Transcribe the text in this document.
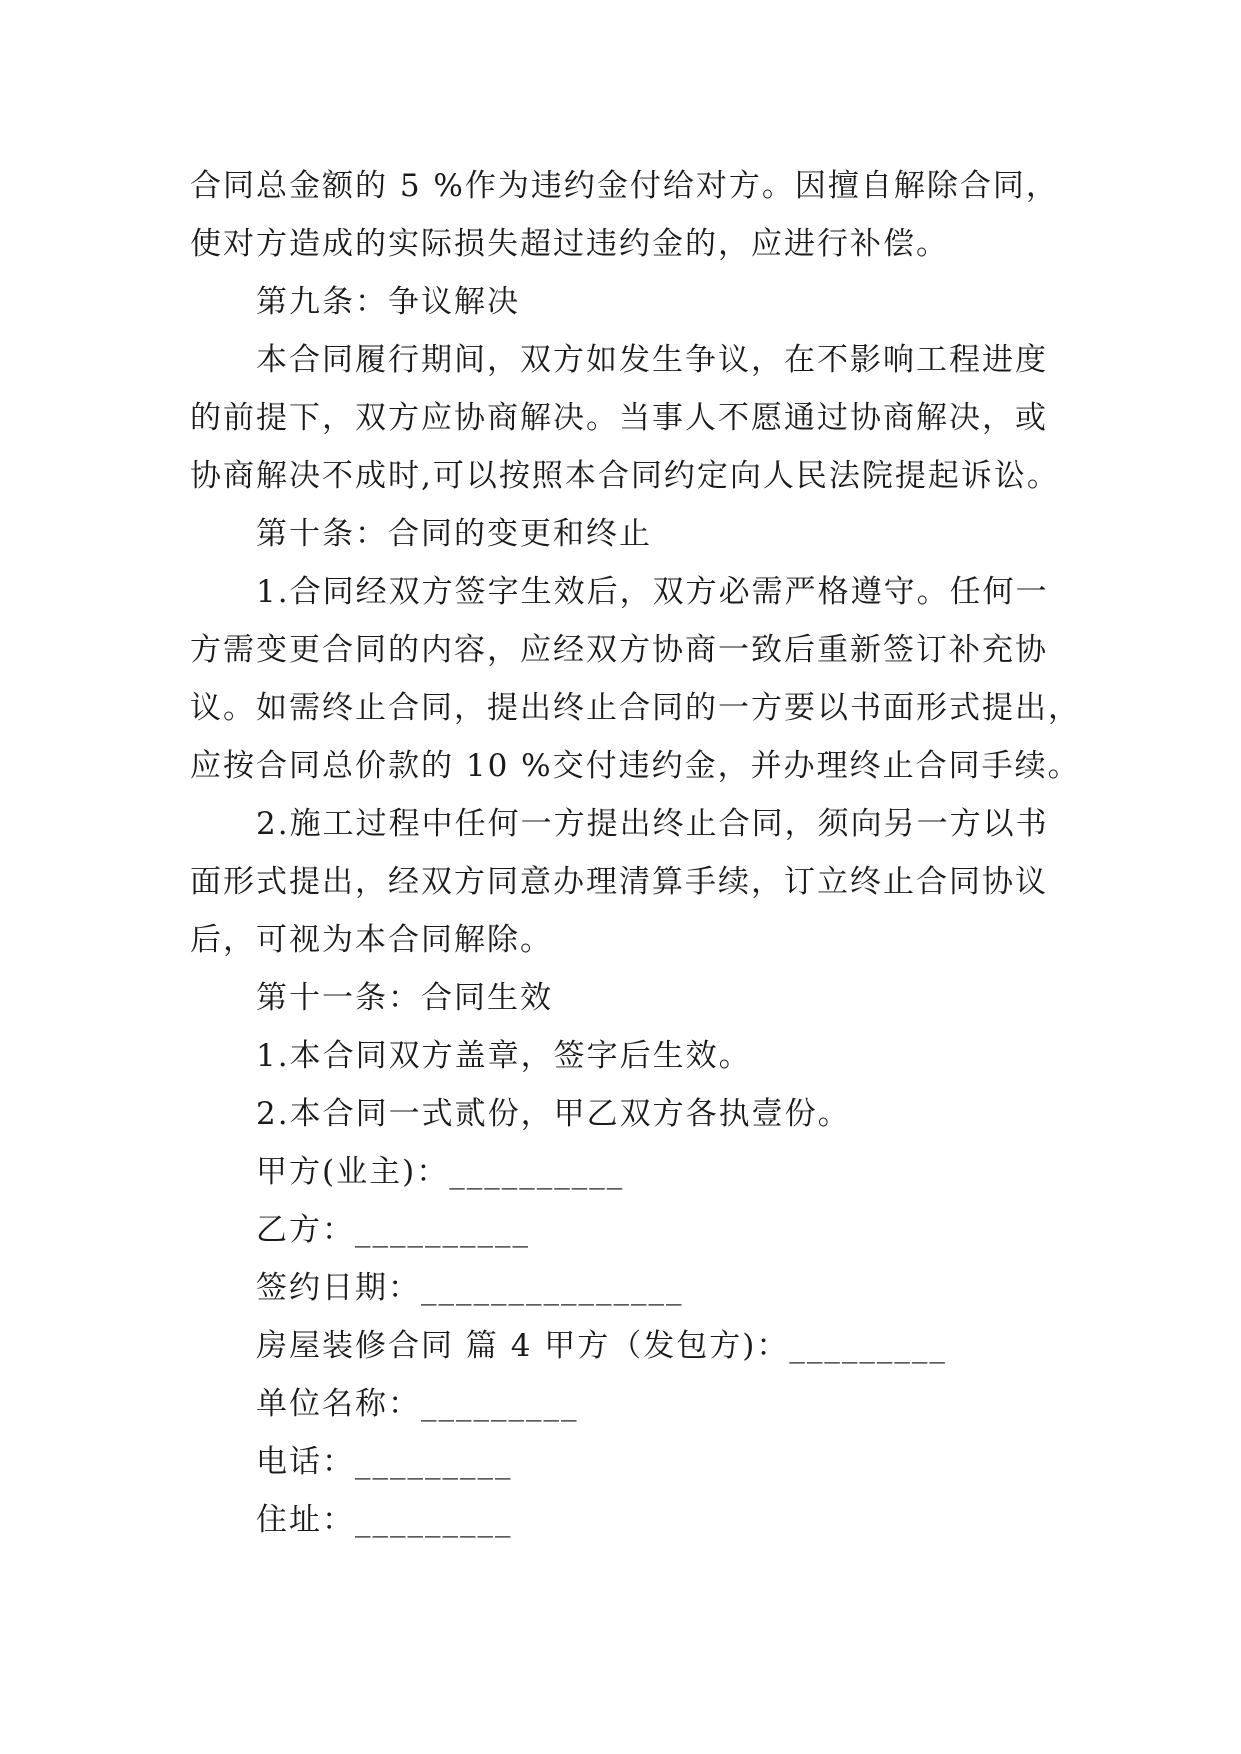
合同总金额的 5 %作为违约金付给对方。因擅自解除合同，
使对方造成的实际损失超过违约金的，应进行补偿。
第九条：争议解决
本合同履行期间，双方如发生争议，在不影响工程进度
的前提下，双方应协商解决。当事人不愿通过协商解决，或
协商解决不成时,可以按照本合同约定向人民法院提起诉讼。
第十条：合同的变更和终止
1.合同经双方签字生效后，双方必需严格遵守。任何一
方需变更合同的内容，应经双方协商一致后重新签订补充协
议。如需终止合同，提出终止合同的一方要以书面形式提出，
应按合同总价款的 10 %交付违约金，并办理终止合同手续。
2.施工过程中任何一方提出终止合同，须向另一方以书
面形式提出，经双方同意办理清算手续，订立终止合同协议
后，可视为本合同解除。
第十一条：合同生效
1.本合同双方盖章，签字后生效。
2.本合同一式贰份，甲乙双方各执壹份。
甲方(业主)：__________
乙方：__________
签约日期：_______________
房屋装修合同 篇 4 甲方（发包方)：_________
单位名称：_________
电话：_________
住址：_________
